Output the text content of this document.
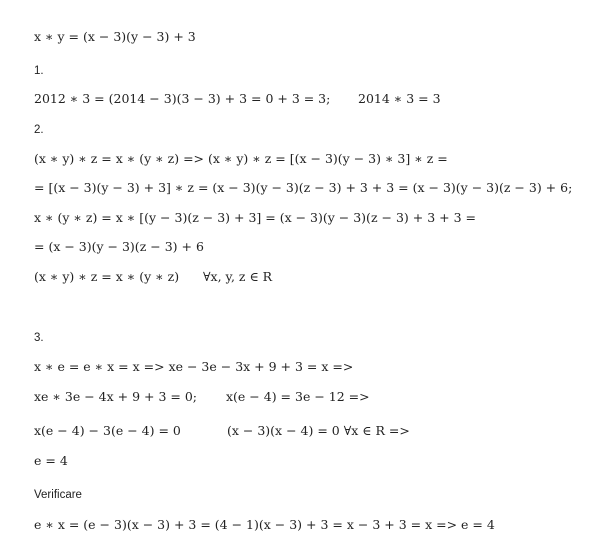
x ∗ y = (x − 3)(y − 3) + 3
1.
2012 ∗ 3 = (2014 − 3)(3 − 3) + 3 = 0 + 3 = 3; 2014 ∗ 3 = 3
2.
(x ∗ y) ∗ z = x ∗ (y ∗ z) => (x ∗ y) ∗ z = [(x − 3)(y − 3) ∗ 3] ∗ z =
= [(x − 3)(y − 3) + 3] ∗ z = (x − 3)(y − 3)(z − 3) + 3 + 3 = (x − 3)(y − 3)(z − 3) + 6;
x ∗ (y ∗ z) = x ∗ [(y − 3)(z − 3) + 3] = (x − 3)(y − 3)(z − 3) + 3 + 3 =
= (x − 3)(y − 3)(z − 3) + 6
(x ∗ y) ∗ z = x ∗ (y ∗ z) ∀x, y, z ∈ R
3.
x ∗ e = e ∗ x = x => xe − 3e − 3x + 9 + 3 = x =>
xe ∗ 3e − 4x + 9 + 3 = 0; x(e − 4) = 3e − 12 =>
x(e − 4) − 3(e − 4) = 0	(x − 3)(x − 4) = 0 ∀x ∈ R =>
e = 4
Verificare
e ∗ x = (e − 3)(x − 3) + 3 = (4 − 1)(x − 3) + 3 = x − 3 + 3 = x => e = 4
